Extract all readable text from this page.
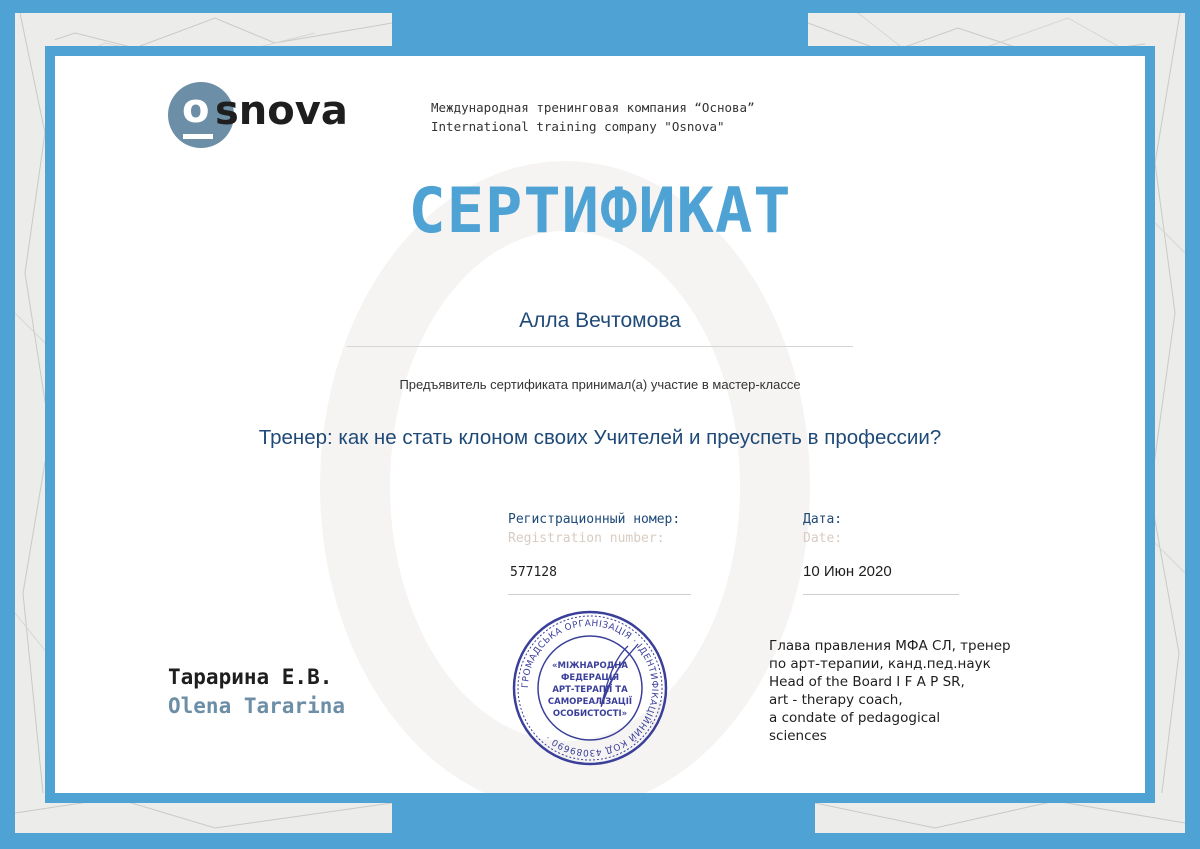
o snova	Международная тренинговая компания “Основа”
International training company "Osnova"
СЕРТИФИКАТ
Алла Вечтомова
Предъявитель сертификата принимал(а) участие в мастер-классе
Тренер: как не стать клоном своих Учителей и преуспеть в профессии?
Регистрационный номер:
Registration number:
577128
Дата:
Date:
10 Июн 2020
ГРОМАДСЬКА ОРГАНІЗАЦІЯ · ІДЕНТИФІКАЦІЙНИЙ КОД 43089690 ·
«МІЖНАРОДНА
ФЕДЕРАЦІЯ
АРТ-ТЕРАПІЇ ТА
САМОРЕАЛІЗАЦІЇ
ОСОБИСТОСТІ»
Тарарина Е.В.
Olena Tararina
Глава правления МФА СЛ, тренер
по арт-терапии, канд.пед.наук
Head of the Board I F A P SR,
art - therapy coach,
a condate of pedagogical
sciences
